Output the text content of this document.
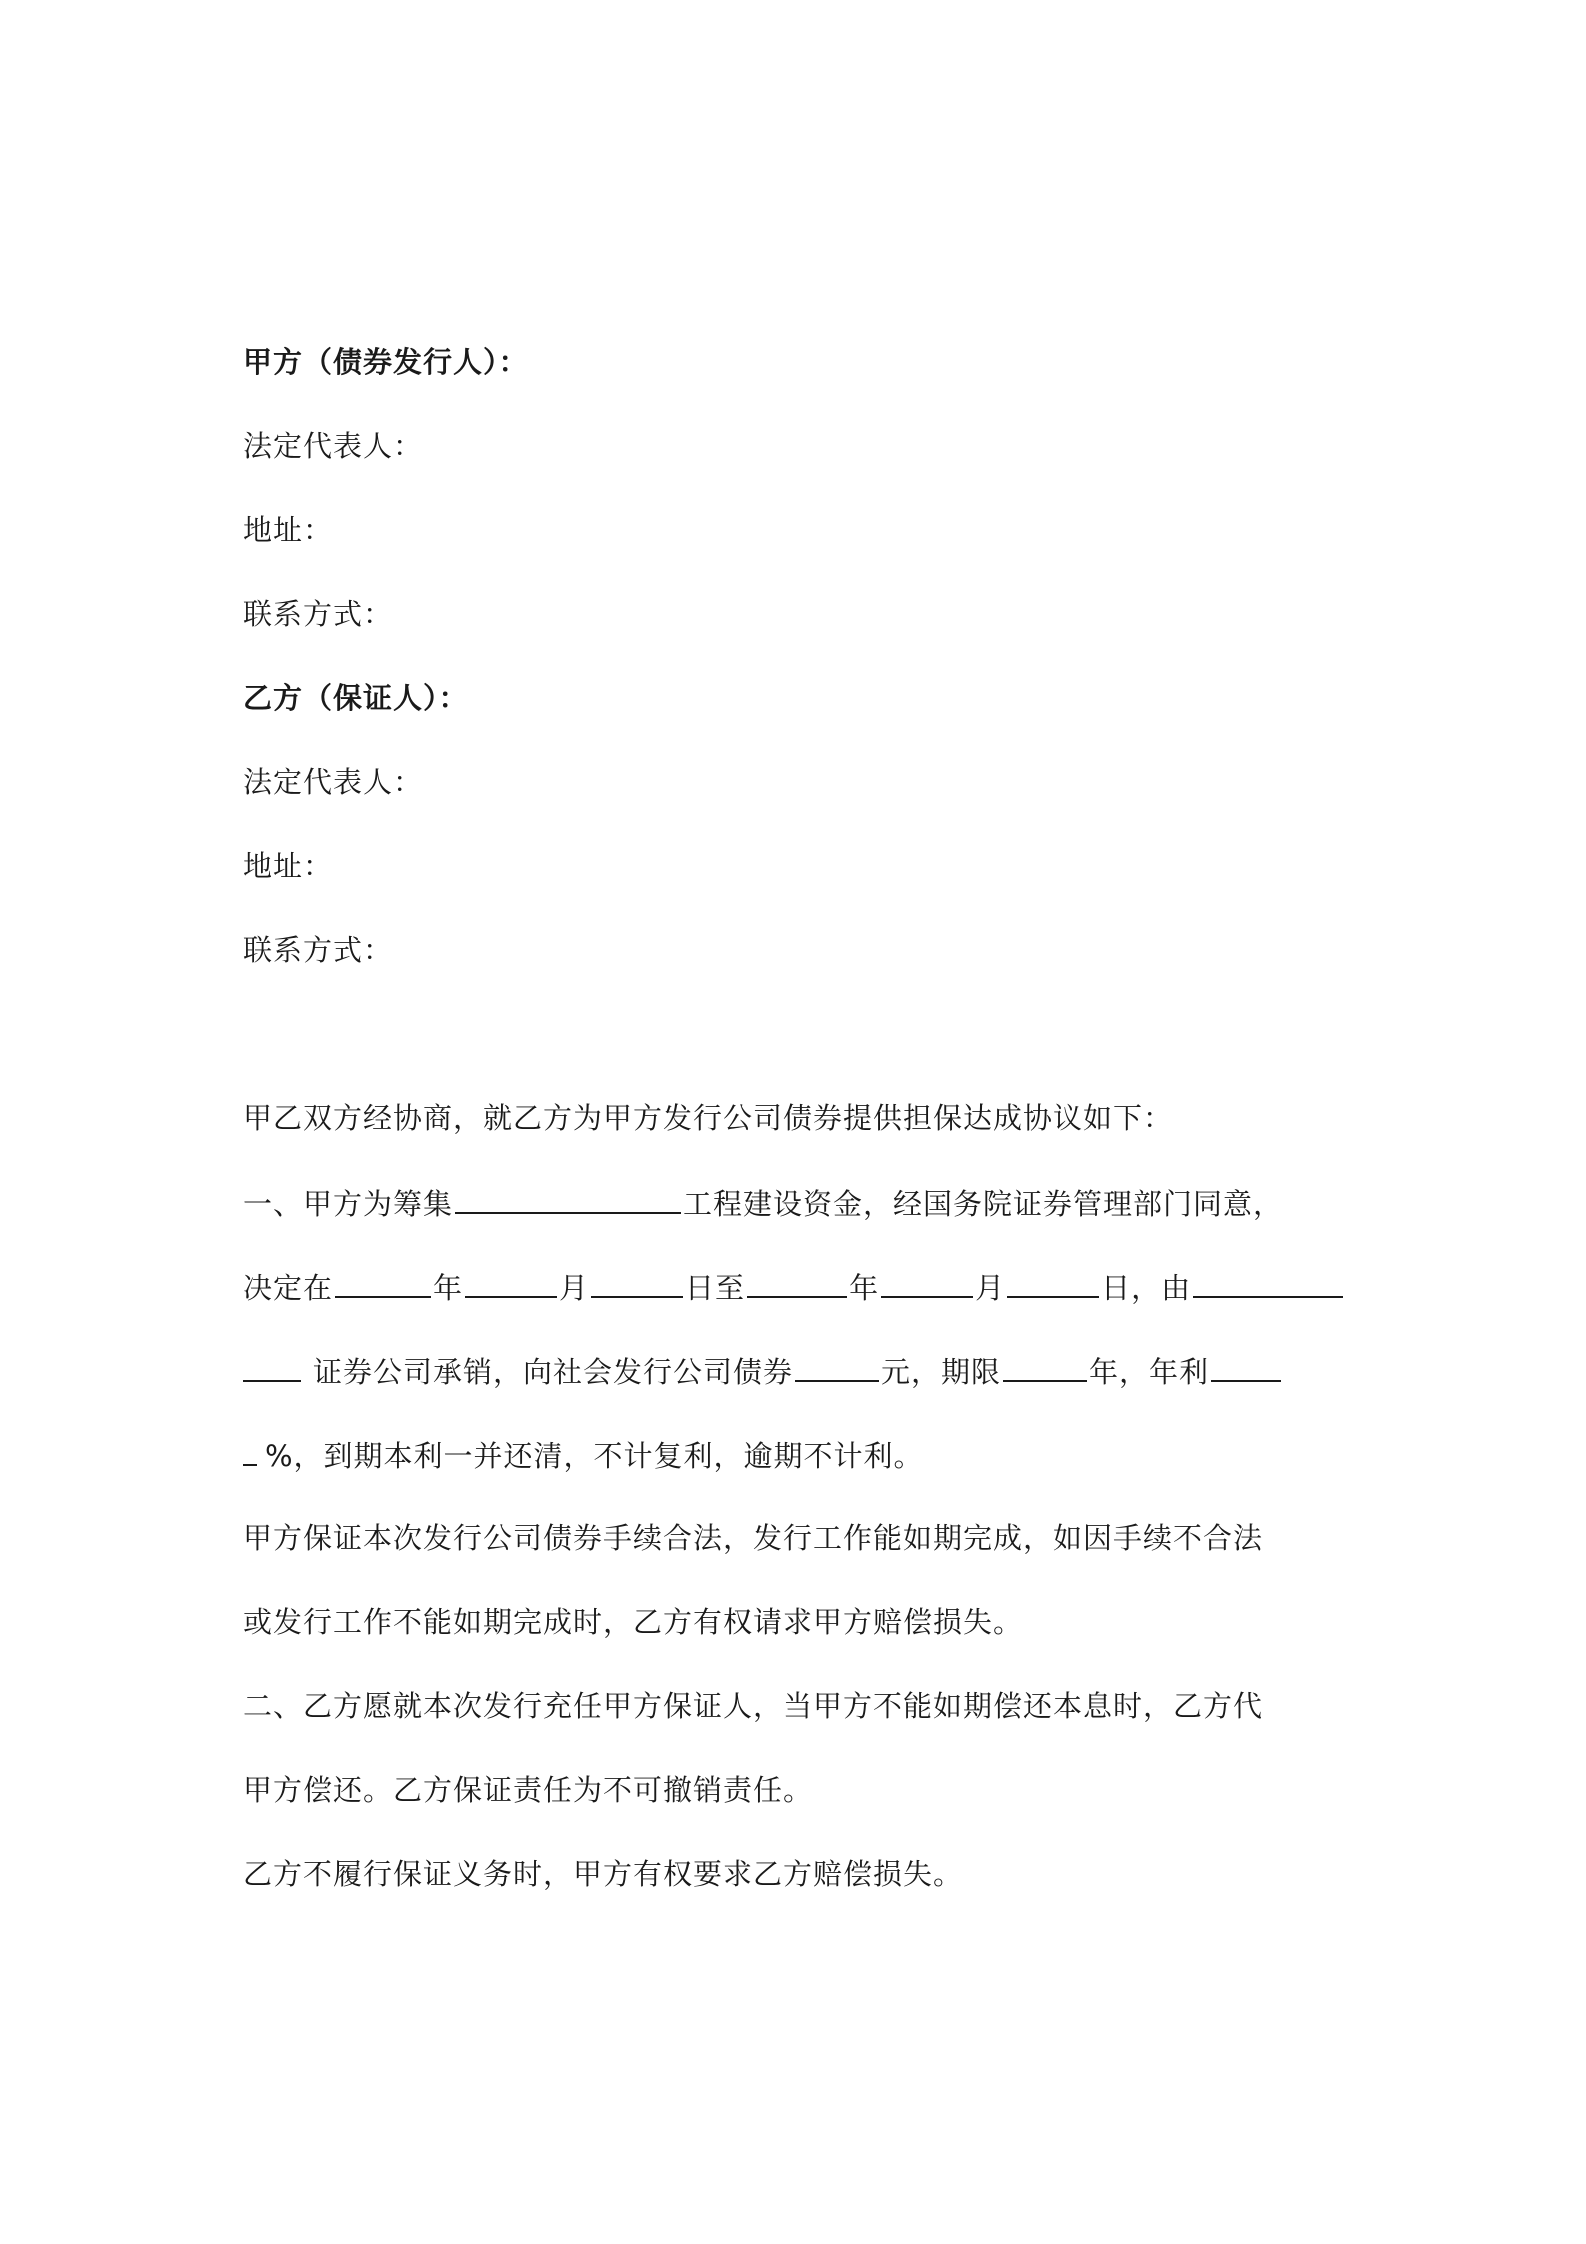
甲方（债券发行人）：
法定代表人：
地址：
联系方式：
乙方（保证人）：
法定代表人：
地址：
联系方式：
甲乙双方经协商，就乙方为甲方发行公司债券提供担保达成协议如下：
一、甲方为筹集	工程建设资金，经国务院证券管理部门同意，
决定在	年	月	日至	年	月	日，由
证券公司承销，向社会发行公司债券	元，期限	年，年利
%，到期本利一并还清，不计复利，逾期不计利。
甲方保证本次发行公司债券手续合法，发行工作能如期完成，如因手续不合法
或发行工作不能如期完成时，乙方有权请求甲方赔偿损失。
二、乙方愿就本次发行充任甲方保证人，当甲方不能如期偿还本息时，乙方代
甲方偿还。乙方保证责任为不可撤销责任。
乙方不履行保证义务时，甲方有权要求乙方赔偿损失。
